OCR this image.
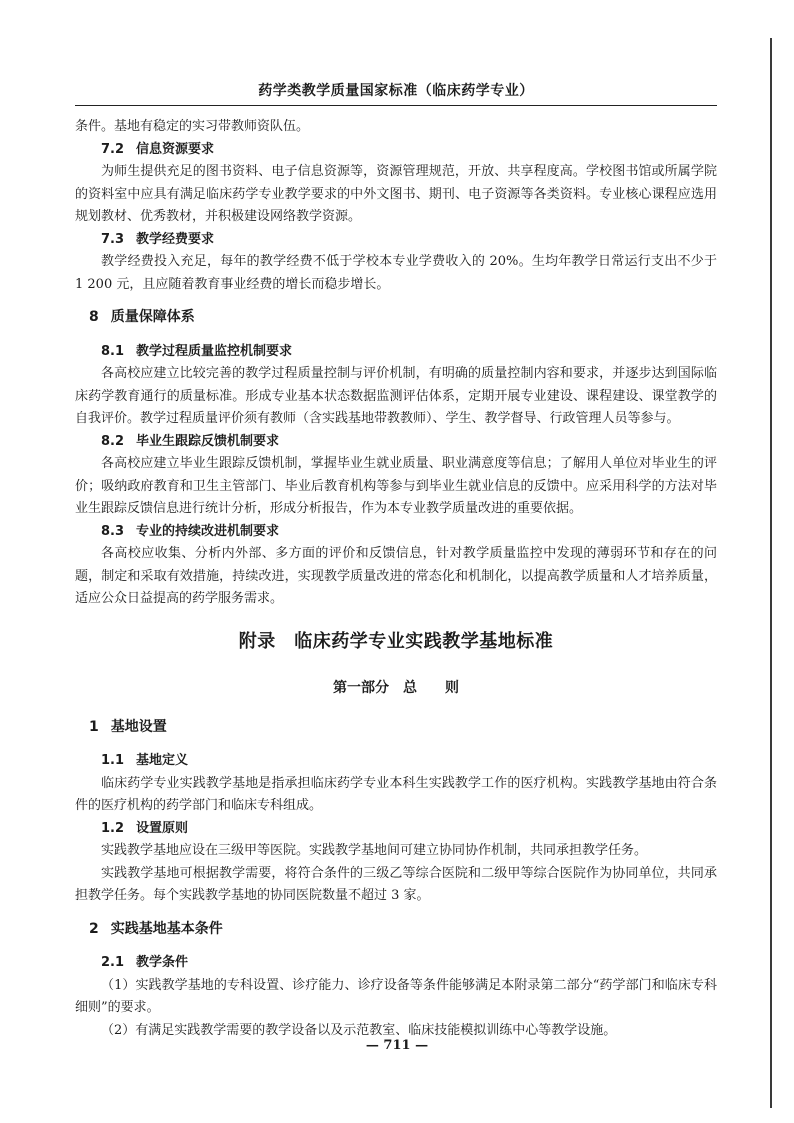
药学类教学质量国家标准（临床药学专业）
条件。基地有稳定的实习带教师资队伍。
7.2 信息资源要求
为师生提供充足的图书资料、电子信息资源等，资源管理规范，开放、共享程度高。学校图书馆或所属学院的资料室中应具有满足临床药学专业教学要求的中外文图书、期刊、电子资源等各类资料。专业核心课程应选用规划教材、优秀教材，并积极建设网络教学资源。
7.3 教学经费要求
教学经费投入充足，每年的教学经费不低于学校本专业学费收入的 20%。生均年教学日常运行支出不少于 1 200 元，且应随着教育事业经费的增长而稳步增长。
8 质量保障体系
8.1 教学过程质量监控机制要求
各高校应建立比较完善的教学过程质量控制与评价机制，有明确的质量控制内容和要求，并逐步达到国际临床药学教育通行的质量标准。形成专业基本状态数据监测评估体系，定期开展专业建设、课程建设、课堂教学的自我评价。教学过程质量评价须有教师（含实践基地带教教师）、学生、教学督导、行政管理人员等参与。
8.2 毕业生跟踪反馈机制要求
各高校应建立毕业生跟踪反馈机制，掌握毕业生就业质量、职业满意度等信息；了解用人单位对毕业生的评价；吸纳政府教育和卫生主管部门、毕业后教育机构等参与到毕业生就业信息的反馈中。应采用科学的方法对毕业生跟踪反馈信息进行统计分析，形成分析报告，作为本专业教学质量改进的重要依据。
8.3 专业的持续改进机制要求
各高校应收集、分析内外部、多方面的评价和反馈信息，针对教学质量监控中发现的薄弱环节和存在的问题，制定和采取有效措施，持续改进，实现教学质量改进的常态化和机制化，以提高教学质量和人才培养质量，适应公众日益提高的药学服务需求。
附录　临床药学专业实践教学基地标准
第一部分　总　　则
1 基地设置
1.1 基地定义
临床药学专业实践教学基地是指承担临床药学专业本科生实践教学工作的医疗机构。实践教学基地由符合条件的医疗机构的药学部门和临床专科组成。
1.2 设置原则
实践教学基地应设在三级甲等医院。实践教学基地间可建立协同协作机制，共同承担教学任务。
实践教学基地可根据教学需要，将符合条件的三级乙等综合医院和二级甲等综合医院作为协同单位，共同承担教学任务。每个实践教学基地的协同医院数量不超过 3 家。
2 实践基地基本条件
2.1 教学条件
（1）实践教学基地的专科设置、诊疗能力、诊疗设备等条件能够满足本附录第二部分“药学部门和临床专科细则”的要求。
（2）有满足实践教学需要的教学设备以及示范教室、临床技能模拟训练中心等教学设施。
— 711 —
